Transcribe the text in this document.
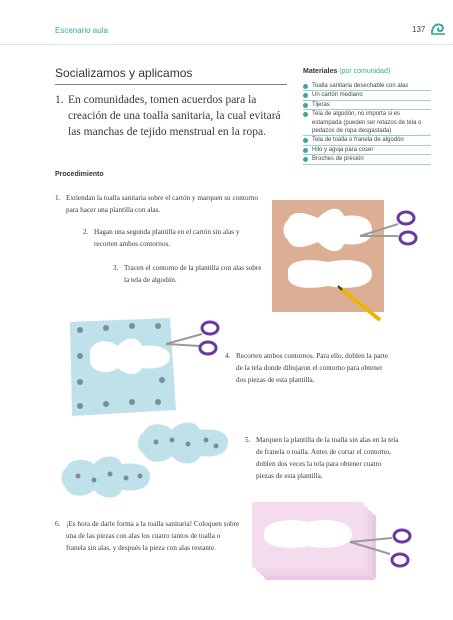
Escenario aula	137
Socializamos y aplicamos
1. En comunidades, tomen acuerdos para la creación de una toalla sanitaria, la cual evitará las manchas de tejido menstrual en la ropa.
Materiales (por comunidad)
Toalla sanitaria desechable con alas
Un cartón mediano
Tijeras
Tela de algodón, no importa si es estampada (pueden ser retazos de tela o pedazos de ropa desgastada)
Tela de toalla o franela de algodón
Hilo y aguja para coser
Broches de presión
Procedimiento
1. Extiendan la toalla sanitaria sobre el cartón y marquen su contorno para hacer una plantilla con alas.
2. Hagan una segunda plantilla en el cartón sin alas y recorten ambos contornos.
3. Tracen el contorno de la plantilla con alas sobre la tela de algodón.
4. Recorten ambos contornos. Para ello, doblen la parte de la tela donde dibujaron el contorno para obtener dos piezas de esta plantilla.
5. Marquen la plantilla de la toalla sin alas en la tela de franela o toalla. Antes de cortar el contorno, doblen dos veces la tela para obtener cuatro piezas de esta plantilla.
6. ¡Es hora de darle forma a la toalla sanitaria! Coloquen sobre una de las piezas con alas los cuatro tantos de toalla o franela sin alas, y después la pieza con alas restante.
